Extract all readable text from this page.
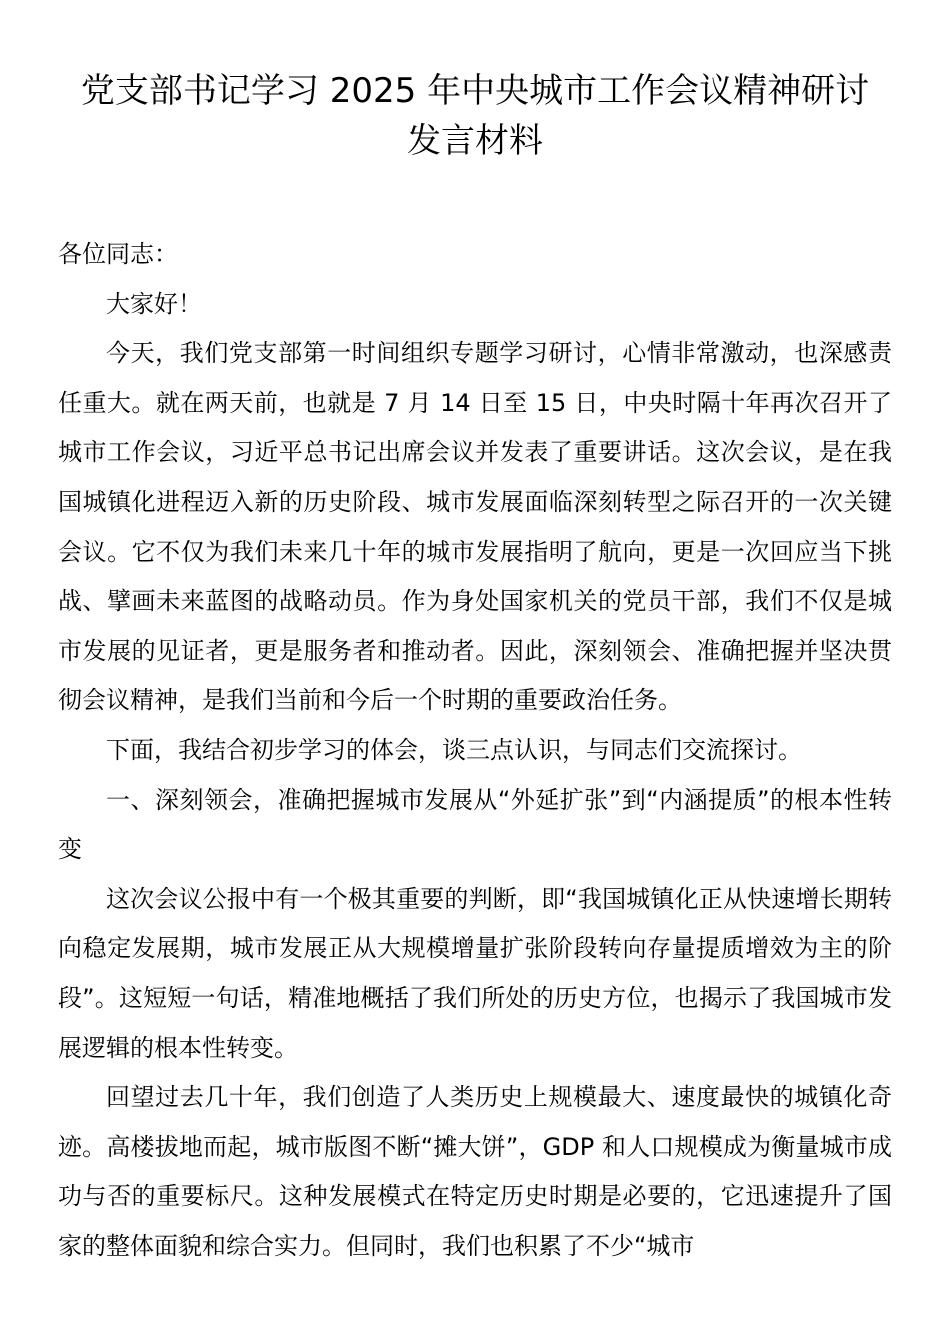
党支部书记学习 2025 年中央城市工作会议精神研讨
发言材料

各位同志：

大家好！

今天，我们党支部第一时间组织专题学习研讨，心情非常激动，也深感责任重大。就在两天前，也就是 7 月 14 日至 15 日，中央时隔十年再次召开了城市工作会议，习近平总书记出席会议并发表了重要讲话。这次会议，是在我国城镇化进程迈入新的历史阶段、城市发展面临深刻转型之际召开的一次关键会议。它不仅为我们未来几十年的城市发展指明了航向，更是一次回应当下挑战、擘画未来蓝图的战略动员。作为身处国家机关的党员干部，我们不仅是城市发展的见证者，更是服务者和推动者。因此，深刻领会、准确把握并坚决贯彻会议精神，是我们当前和今后一个时期的重要政治任务。

下面，我结合初步学习的体会，谈三点认识，与同志们交流探讨。

一、深刻领会，准确把握城市发展从“外延扩张”到“内涵提质”的根本性转变

这次会议公报中有一个极其重要的判断，即“我国城镇化正从快速增长期转向稳定发展期，城市发展正从大规模增量扩张阶段转向存量提质增效为主的阶段”。这短短一句话，精准地概括了我们所处的历史方位，也揭示了我国城市发展逻辑的根本性转变。

回望过去几十年，我们创造了人类历史上规模最大、速度最快的城镇化奇迹。高楼拔地而起，城市版图不断“摊大饼”，GDP 和人口规模成为衡量城市成功与否的重要标尺。这种发展模式在特定历史时期是必要的，它迅速提升了国家的整体面貌和综合实力。但同时，我们也积累了不少“城市
